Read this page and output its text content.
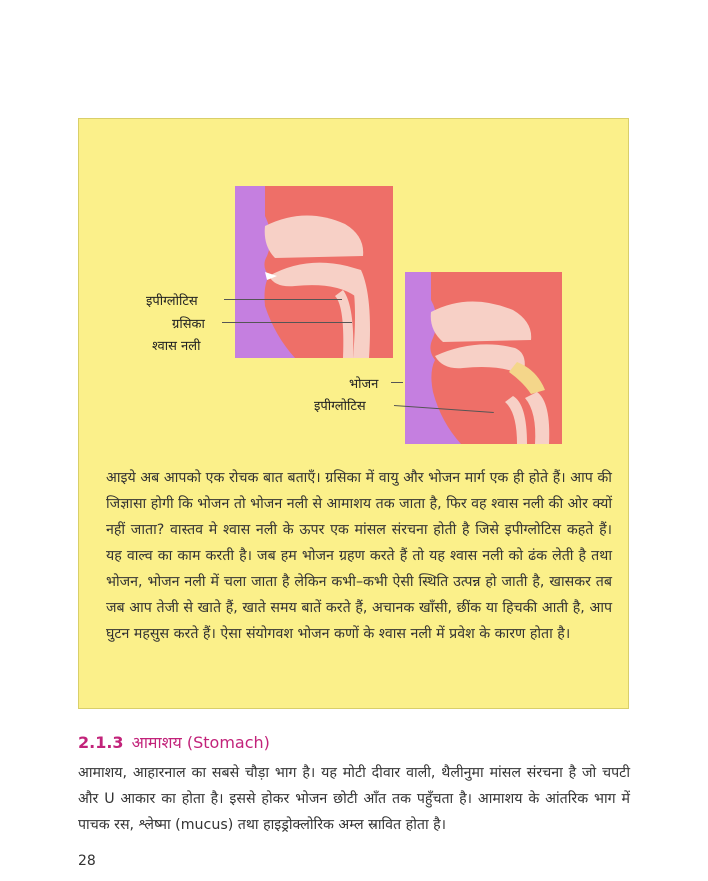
इपीग्लोटिस
ग्रसिका
श्वास नली
भोजन
इपीग्लोटिस
आइये अब आपको एक रोचक बात बताएँ। ग्रसिका में वायु और भोजन मार्ग एक ही होते हैं। आप की जिज्ञासा होगी कि भोजन तो भोजन नली से आमाशय तक जाता है, फिर वह श्वास नली की ओर क्यों नहीं जाता? वास्तव मे श्वास नली के ऊपर एक मांसल संरचना होती है जिसे इपीग्लोटिस कहते हैं। यह वाल्व का काम करती है। जब हम भोजन ग्रहण करते हैं तो यह श्वास नली को ढंक लेती है तथा भोजन, भोजन नली में चला जाता है लेकिन कभी–कभी ऐसी स्थिति उत्पन्न हो जाती है, खासकर तब जब आप तेजी से खाते हैं, खाते समय बातें करते हैं, अचानक खाँसी, छींक या हिचकी आती है, आप घुटन महसुस करते हैं। ऐसा संयोगवश भोजन कणों के श्वास नली में प्रवेश के कारण होता है।
2.1.3 आमाशय (Stomach)
आमाशय, आहारनाल का सबसे चौड़ा भाग है। यह मोटी दीवार वाली, थैलीनुमा मांसल संरचना है जो चपटी और U आकार का होता है। इससे होकर भोजन छोटी आँत तक पहुँचता है। आमाशय के आंतरिक भाग में पाचक रस, श्लेष्मा (mucus) तथा हाइड्रोक्लोरिक अम्ल स्रावित होता है।
28
